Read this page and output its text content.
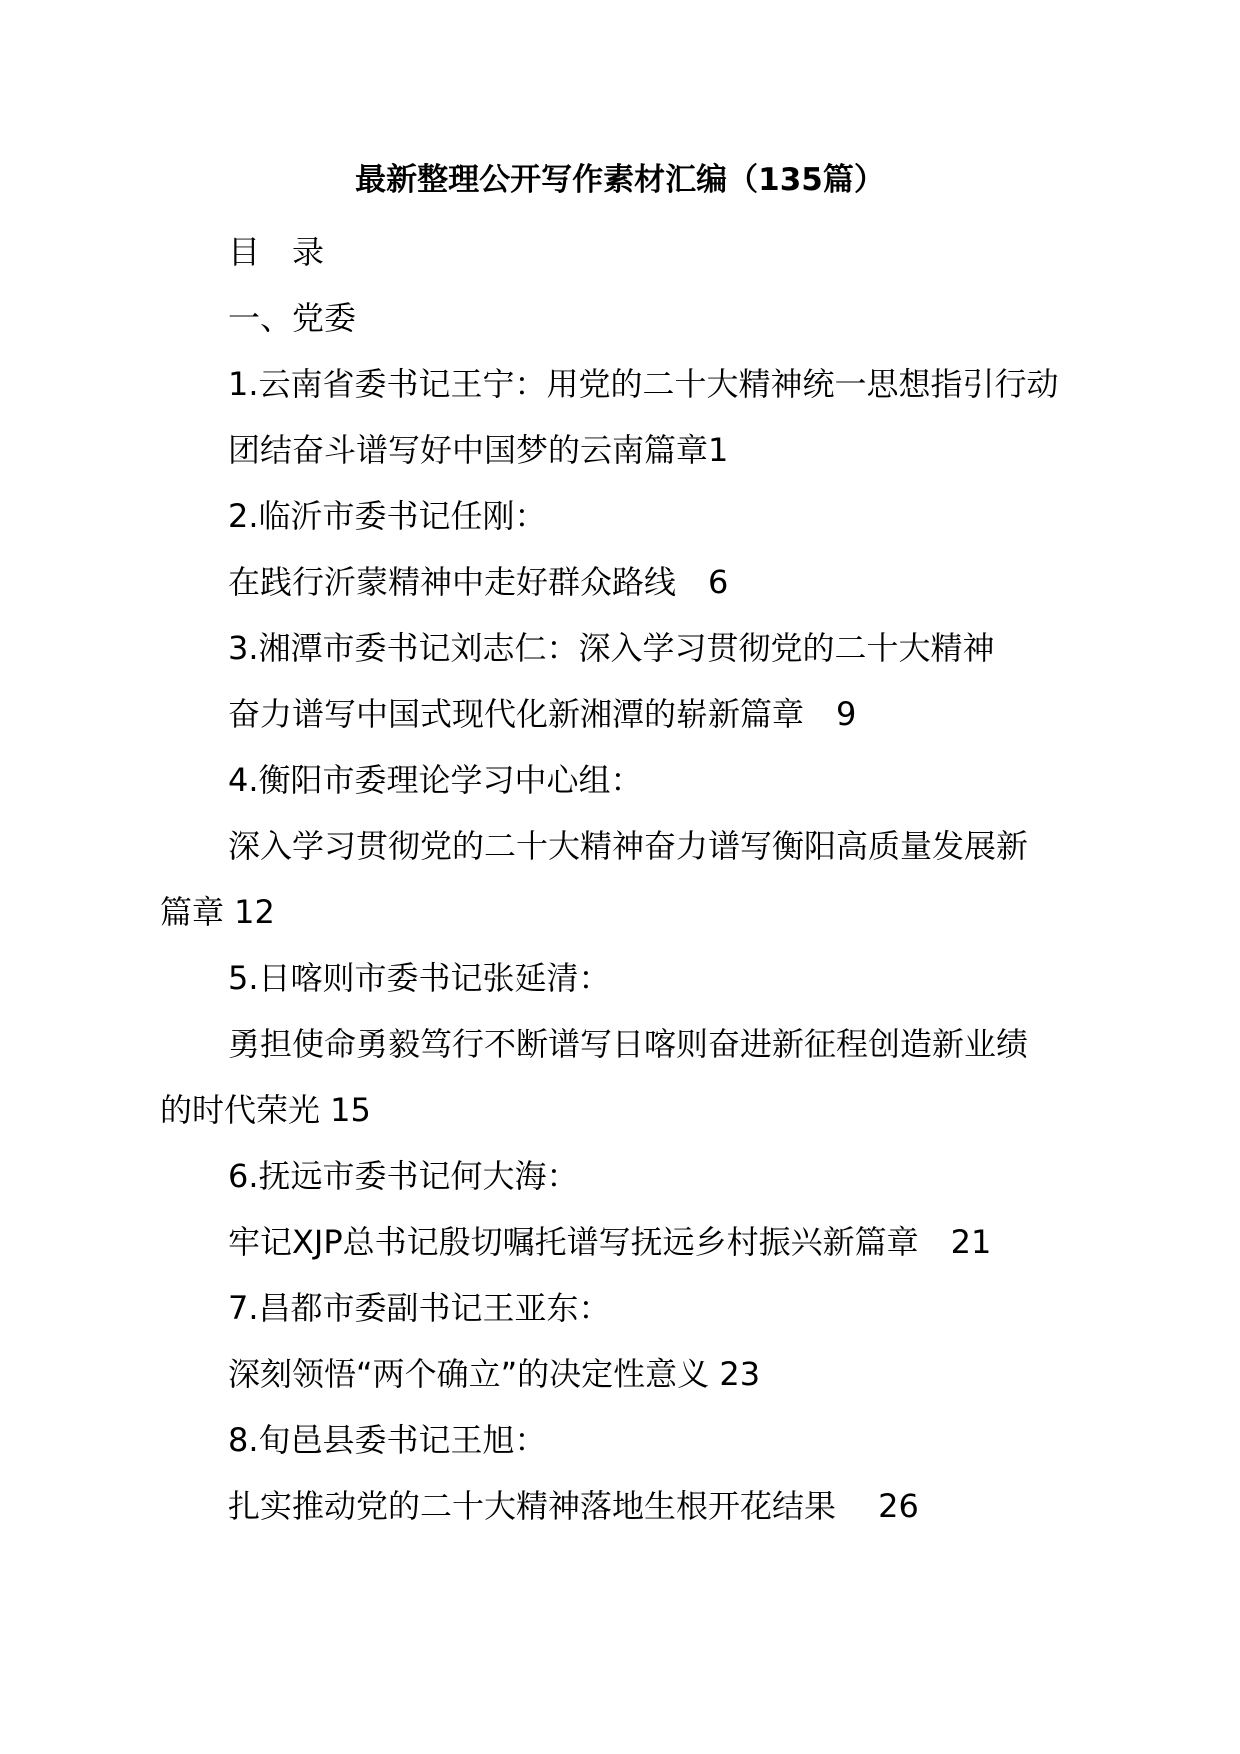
最新整理公开写作素材汇编（135篇）
目　录
一、党委
1.云南省委书记王宁：用党的二十大精神统一思想指引行动
团结奋斗谱写好中国梦的云南篇章1
2.临沂市委书记任刚：
在践行沂蒙精神中走好群众路线　6
3.湘潭市委书记刘志仁：深入学习贯彻党的二十大精神
奋力谱写中国式现代化新湘潭的崭新篇章　9
4.衡阳市委理论学习中心组：
深入学习贯彻党的二十大精神奋力谱写衡阳高质量发展新
篇章 12
5.日喀则市委书记张延清：
勇担使命勇毅笃行不断谱写日喀则奋进新征程创造新业绩
的时代荣光 15
6.抚远市委书记何大海：
牢记XJP总书记殷切嘱托谱写抚远乡村振兴新篇章　21
7.昌都市委副书记王亚东：
深刻领悟“两个确立”的决定性意义 23
8.旬邑县委书记王旭：
扎实推动党的二十大精神落地生根开花结果　 26
